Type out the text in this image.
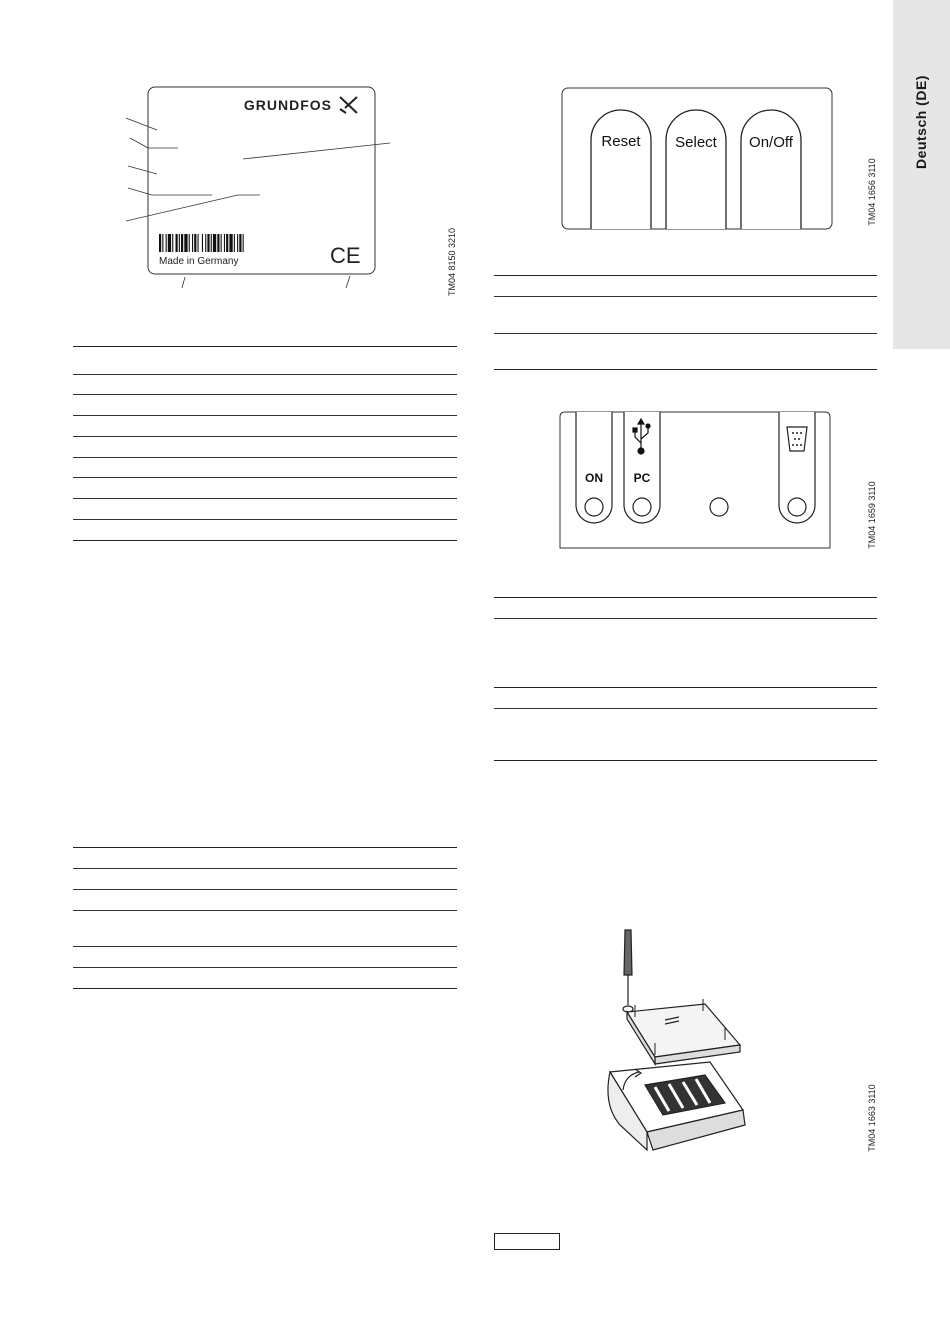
Deutsch (DE)
GRUNDFOS
Made in Germany	CE	TM04 8150 3210
Reset Select On/Off
TM04 1656 3110
ON	PC
TM04 1659 3110
TM04 1663 3110
